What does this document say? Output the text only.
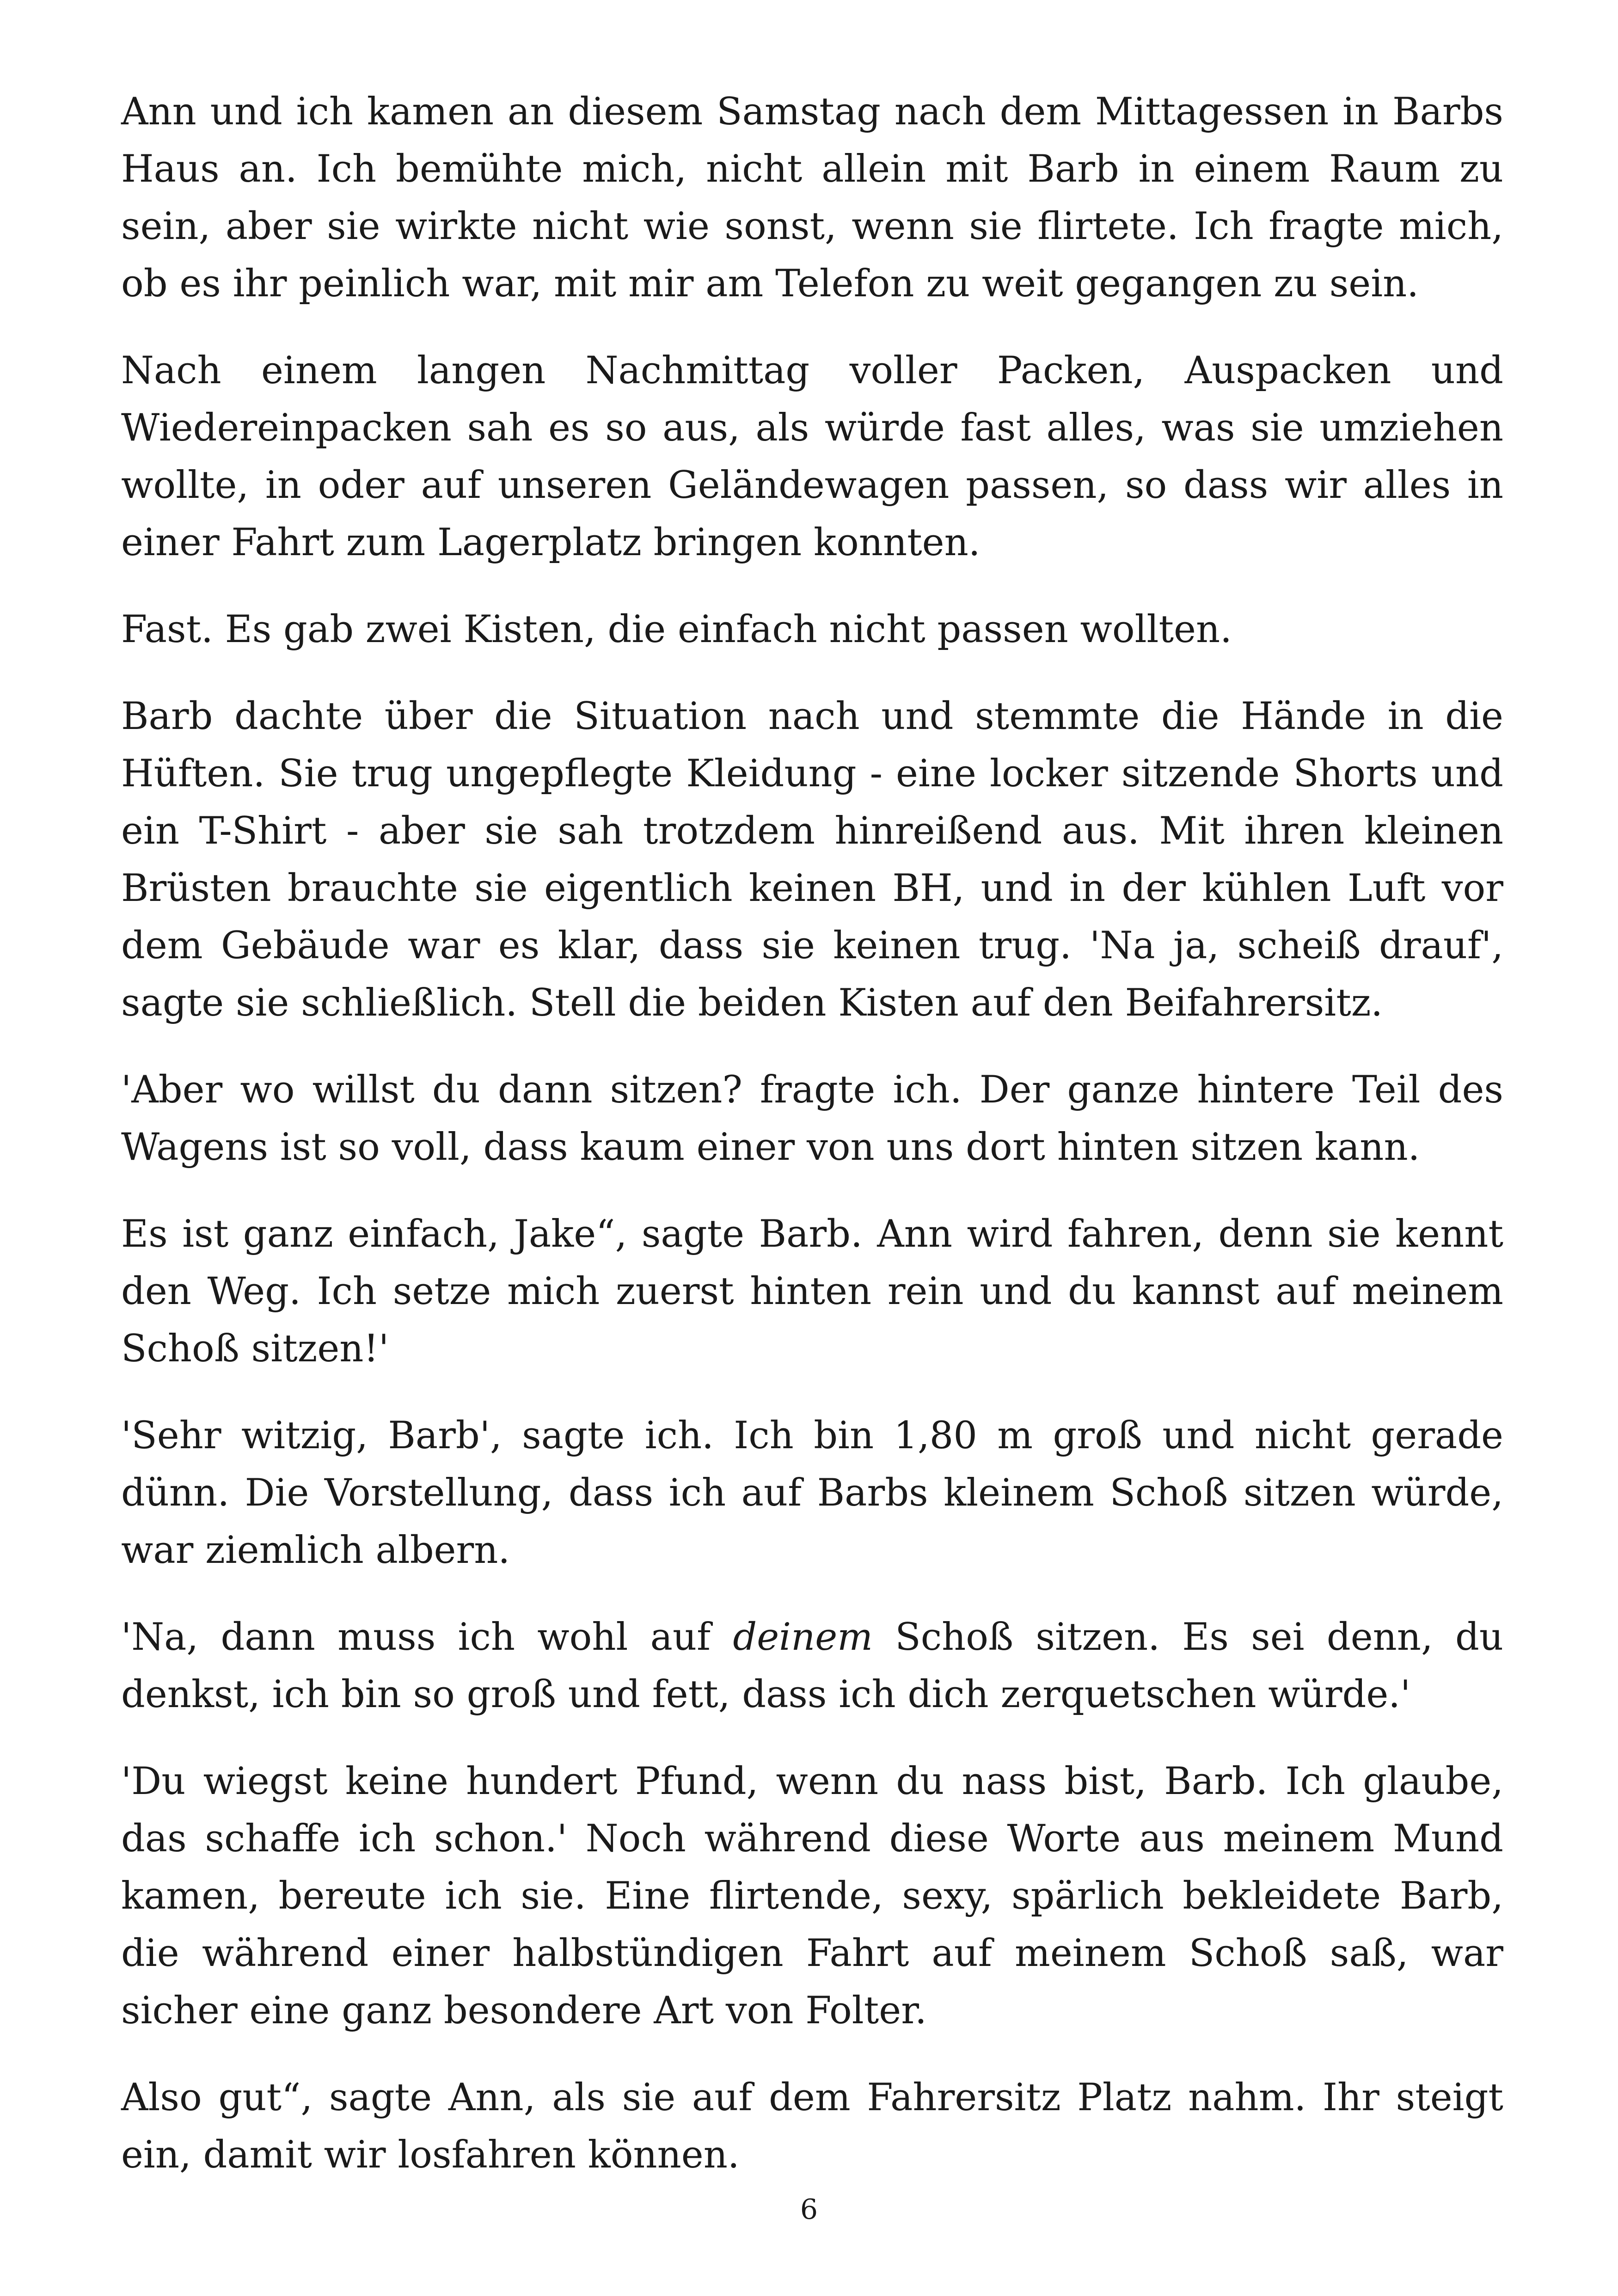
Ann und ich kamen an diesem Samstag nach dem Mittagessen in Barbs Haus an. Ich bemühte mich, nicht allein mit Barb in einem Raum zu sein, aber sie wirkte nicht wie sonst, wenn sie flirtete. Ich fragte mich, ob es ihr peinlich war, mit mir am Telefon zu weit gegangen zu sein.

Nach einem langen Nachmittag voller Packen, Auspacken und Wiedereinpacken sah es so aus, als würde fast alles, was sie umziehen wollte, in oder auf unseren Geländewagen passen, so dass wir alles in einer Fahrt zum Lagerplatz bringen konnten.

Fast. Es gab zwei Kisten, die einfach nicht passen wollten.

Barb dachte über die Situation nach und stemmte die Hände in die Hüften. Sie trug ungepflegte Kleidung - eine locker sitzende Shorts und ein T-Shirt - aber sie sah trotzdem hinreißend aus. Mit ihren kleinen Brüsten brauchte sie eigentlich keinen BH, und in der kühlen Luft vor dem Gebäude war es klar, dass sie keinen trug. 'Na ja, scheiß drauf', sagte sie schließlich. Stell die beiden Kisten auf den Beifahrersitz.

'Aber wo willst du dann sitzen? fragte ich. Der ganze hintere Teil des Wagens ist so voll, dass kaum einer von uns dort hinten sitzen kann.

Es ist ganz einfach, Jake“, sagte Barb. Ann wird fahren, denn sie kennt den Weg. Ich setze mich zuerst hinten rein und du kannst auf meinem Schoß sitzen!'

'Sehr witzig, Barb', sagte ich. Ich bin 1,80 m groß und nicht gerade dünn. Die Vorstellung, dass ich auf Barbs kleinem Schoß sitzen würde, war ziemlich albern.

'Na, dann muss ich wohl auf deinem Schoß sitzen. Es sei denn, du denkst, ich bin so groß und fett, dass ich dich zerquetschen würde.'

'Du wiegst keine hundert Pfund, wenn du nass bist, Barb. Ich glaube, das schaffe ich schon.' Noch während diese Worte aus meinem Mund kamen, bereute ich sie. Eine flirtende, sexy, spärlich bekleidete Barb, die während einer halbstündigen Fahrt auf meinem Schoß saß, war sicher eine ganz besondere Art von Folter.

Also gut“, sagte Ann, als sie auf dem Fahrersitz Platz nahm. Ihr steigt ein, damit wir losfahren können.

6
